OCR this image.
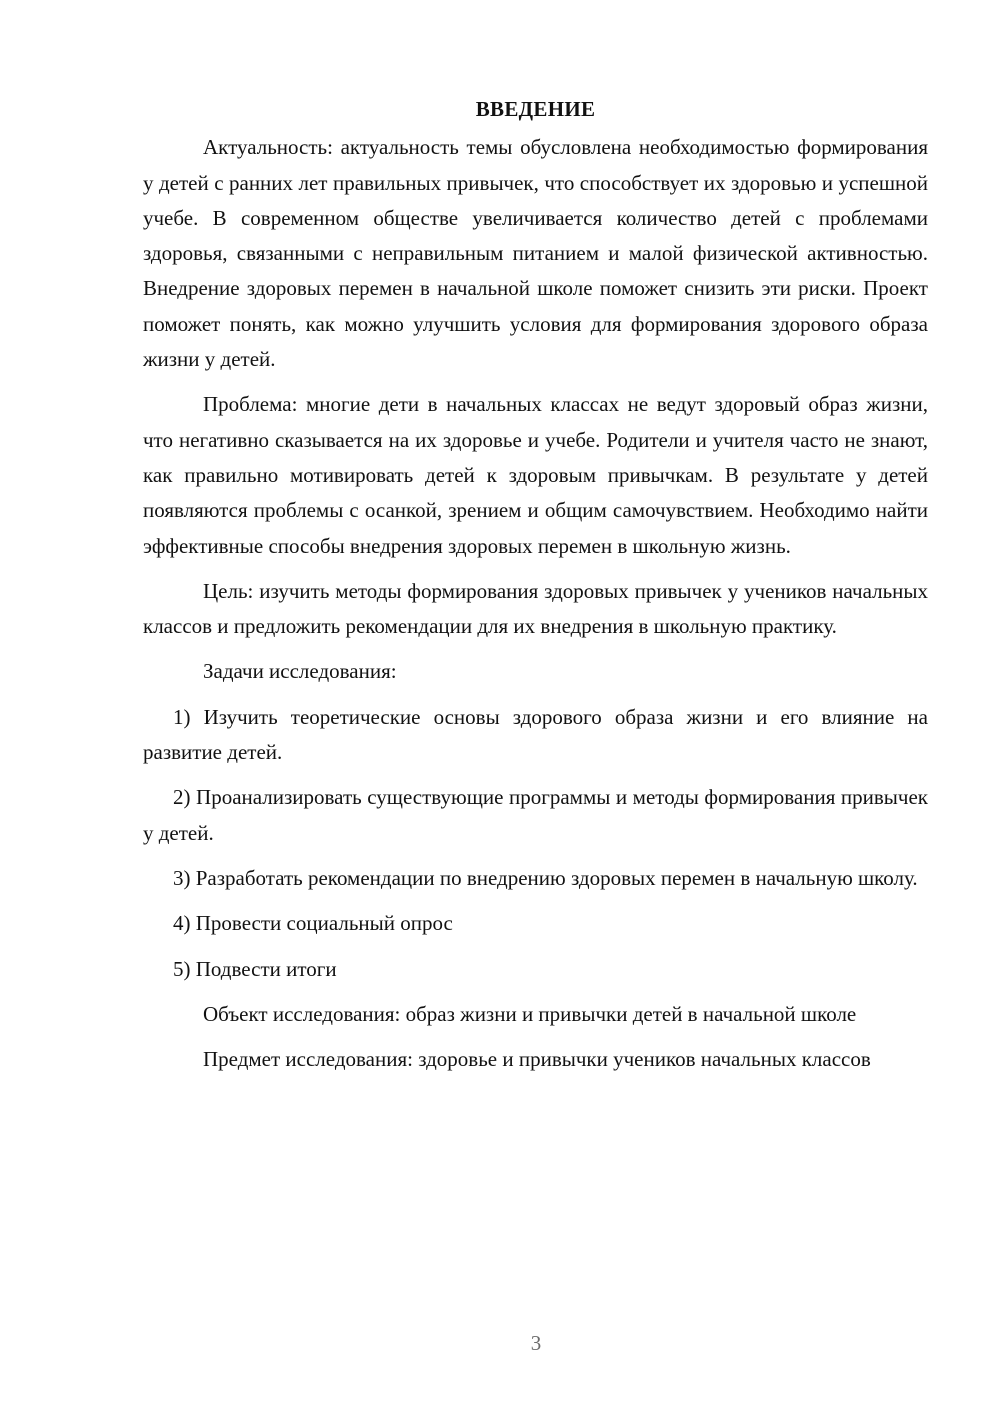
ВВЕДЕНИЕ

Актуальность: актуальность темы обусловлена необходимостью формирования у детей с ранних лет правильных привычек, что способствует их здоровью и успешной учебе. В современном обществе увеличивается количество детей с проблемами здоровья, связанными с неправильным питанием и малой физической активностью. Внедрение здоровых перемен в начальной школе поможет снизить эти риски. Проект поможет понять, как можно улучшить условия для формирования здорового образа жизни у детей.

Проблема: многие дети в начальных классах не ведут здоровый образ жизни, что негативно сказывается на их здоровье и учебе. Родители и учителя часто не знают, как правильно мотивировать детей к здоровым привычкам. В результате у детей появляются проблемы с осанкой, зрением и общим самочувствием. Необходимо найти эффективные способы внедрения здоровых перемен в школьную жизнь.

Цель: изучить методы формирования здоровых привычек у учеников начальных классов и предложить рекомендации для их внедрения в школьную практику.

Задачи исследования:

1) Изучить теоретические основы здорового образа жизни и его влияние на развитие детей.

2) Проанализировать существующие программы и методы формирования привычек у детей.

3) Разработать рекомендации по внедрению здоровых перемен в начальную школу.

4) Провести социальный опрос

5) Подвести итоги

Объект исследования: образ жизни и привычки детей в начальной школе

Предмет исследования: здоровье и привычки учеников начальных классов

3
